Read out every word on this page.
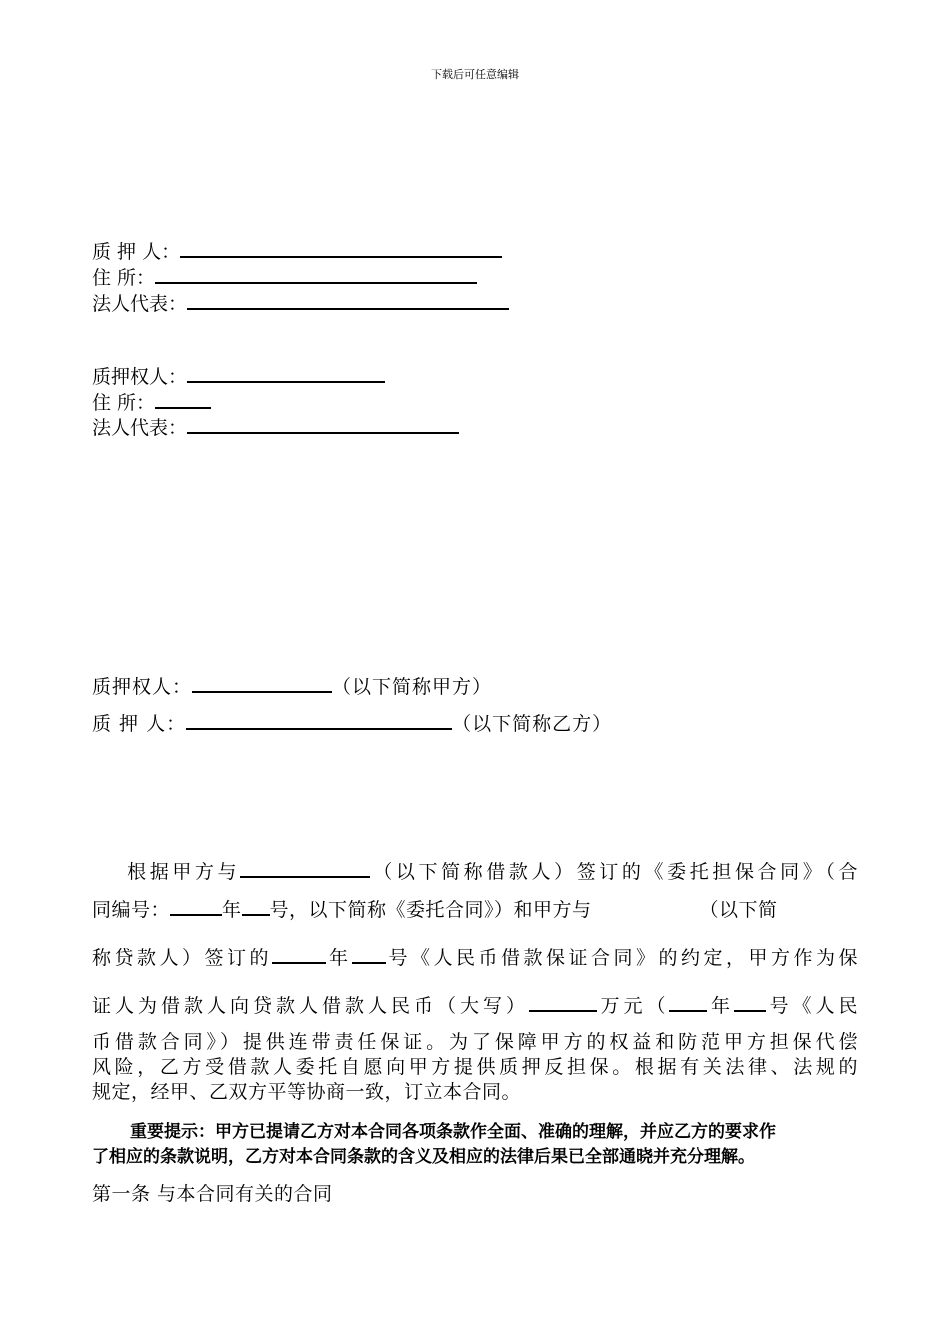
下载后可任意编辑
质 押 人：
住 所：
法人代表：
质押权人：
住 所：
法人代表：
质押权人：	（以下简称甲方）
质 押 人：	（以下简称乙方）
根据甲方与	（以下简称借款人）签订的《委托担保合同》（合
同编号：	年 号，以下简称《委托合同》）和甲方与	（以下简
称贷款人）签订的	年 号《人民币借款保证合同》的约定，甲方作为保
证人为借款人向贷款人借款人民币（大写）	万元（ 年 号《人民
币借款合同》）提供连带责任保证。为了保障甲方的权益和防范甲方担保代偿
风险，乙方受借款人委托自愿向甲方提供质押反担保。根据有关法律、法规的
规定，经甲、乙双方平等协商一致，订立本合同。
重要提示：甲方已提请乙方对本合同各项条款作全面、准确的理解，并应乙方的要求作
了相应的条款说明，乙方对本合同条款的含义及相应的法律后果已全部通晓并充分理解。
第一条 与本合同有关的合同
